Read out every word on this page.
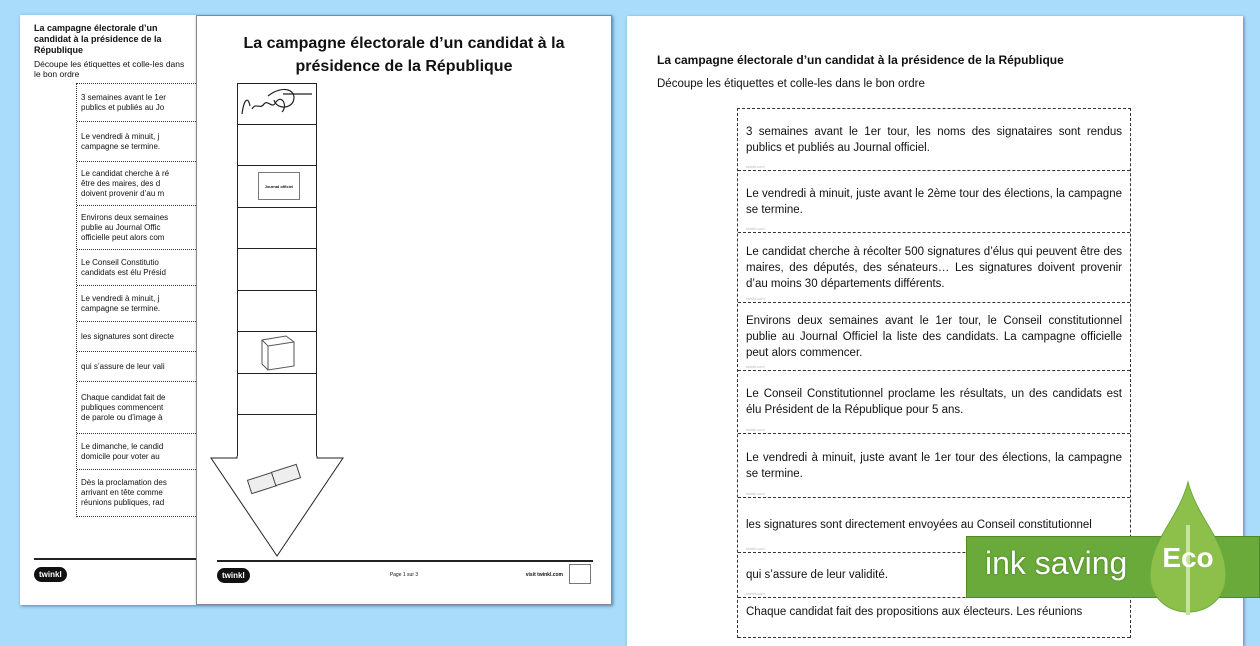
La campagne électorale d’un candidat à la présidence de la République
Découpe les étiquettes et colle-les dans le bon ordre
3 semaines avant le 1er
publics et publiés au Jo
Le vendredi à minuit, j
campagne se termine.
Le candidat cherche à ré
être des maires, des d
doivent provenir d’au m
Environs deux semaines
publie au Journal Offic
officielle peut alors com
Le Conseil Constitutio
candidats est élu Présid
Le vendredi à minuit, j
campagne se termine.
les signatures sont directe
qui s’assure de leur vali
Chaque candidat fait de
publiques commencent
de parole ou d’image à
Le dimanche, le candid
domicile pour voter au
Dès la proclamation des
arrivant en tête comme
réunions publiques, rad
twinkl
La campagne électorale d’un candidat à la
présidence de la République
Journal officiel
twinkl	Page 1 sur 3	visit twinkl.com
La campagne électorale d’un candidat à la présidence de la République
Découpe les étiquettes et colle-les dans le bon ordre
3 semaines avant le 1er tour, les noms des signataires sont rendus publics et publiés au Journal officiel.
twinkl.com
Le vendredi à minuit, juste avant le 2ème tour des élections, la campagne se termine.
twinkl.com
Le candidat cherche à récolter 500 signatures d’élus qui peuvent être des maires, des députés, des sénateurs… Les signatures doivent provenir d’au moins 30 départements différents.
twinkl.com
Environs deux semaines avant le 1er tour, le Conseil constitutionnel publie au Journal Officiel la liste des candidats. La campagne officielle peut alors commencer.
twinkl.com
Le Conseil Constitutionnel proclame les résultats, un des candidats est élu Président de la République pour 5 ans.
twinkl.com
Le vendredi à minuit, juste avant le 1er tour des élections, la campagne se termine.
twinkl.com
les signatures sont directement envoyées au Conseil constitutionnel
twinkl.com
qui s’assure de leur validité.
twinkl.com
Chaque candidat fait des propositions aux électeurs. Les réunions
ink saving Eco
